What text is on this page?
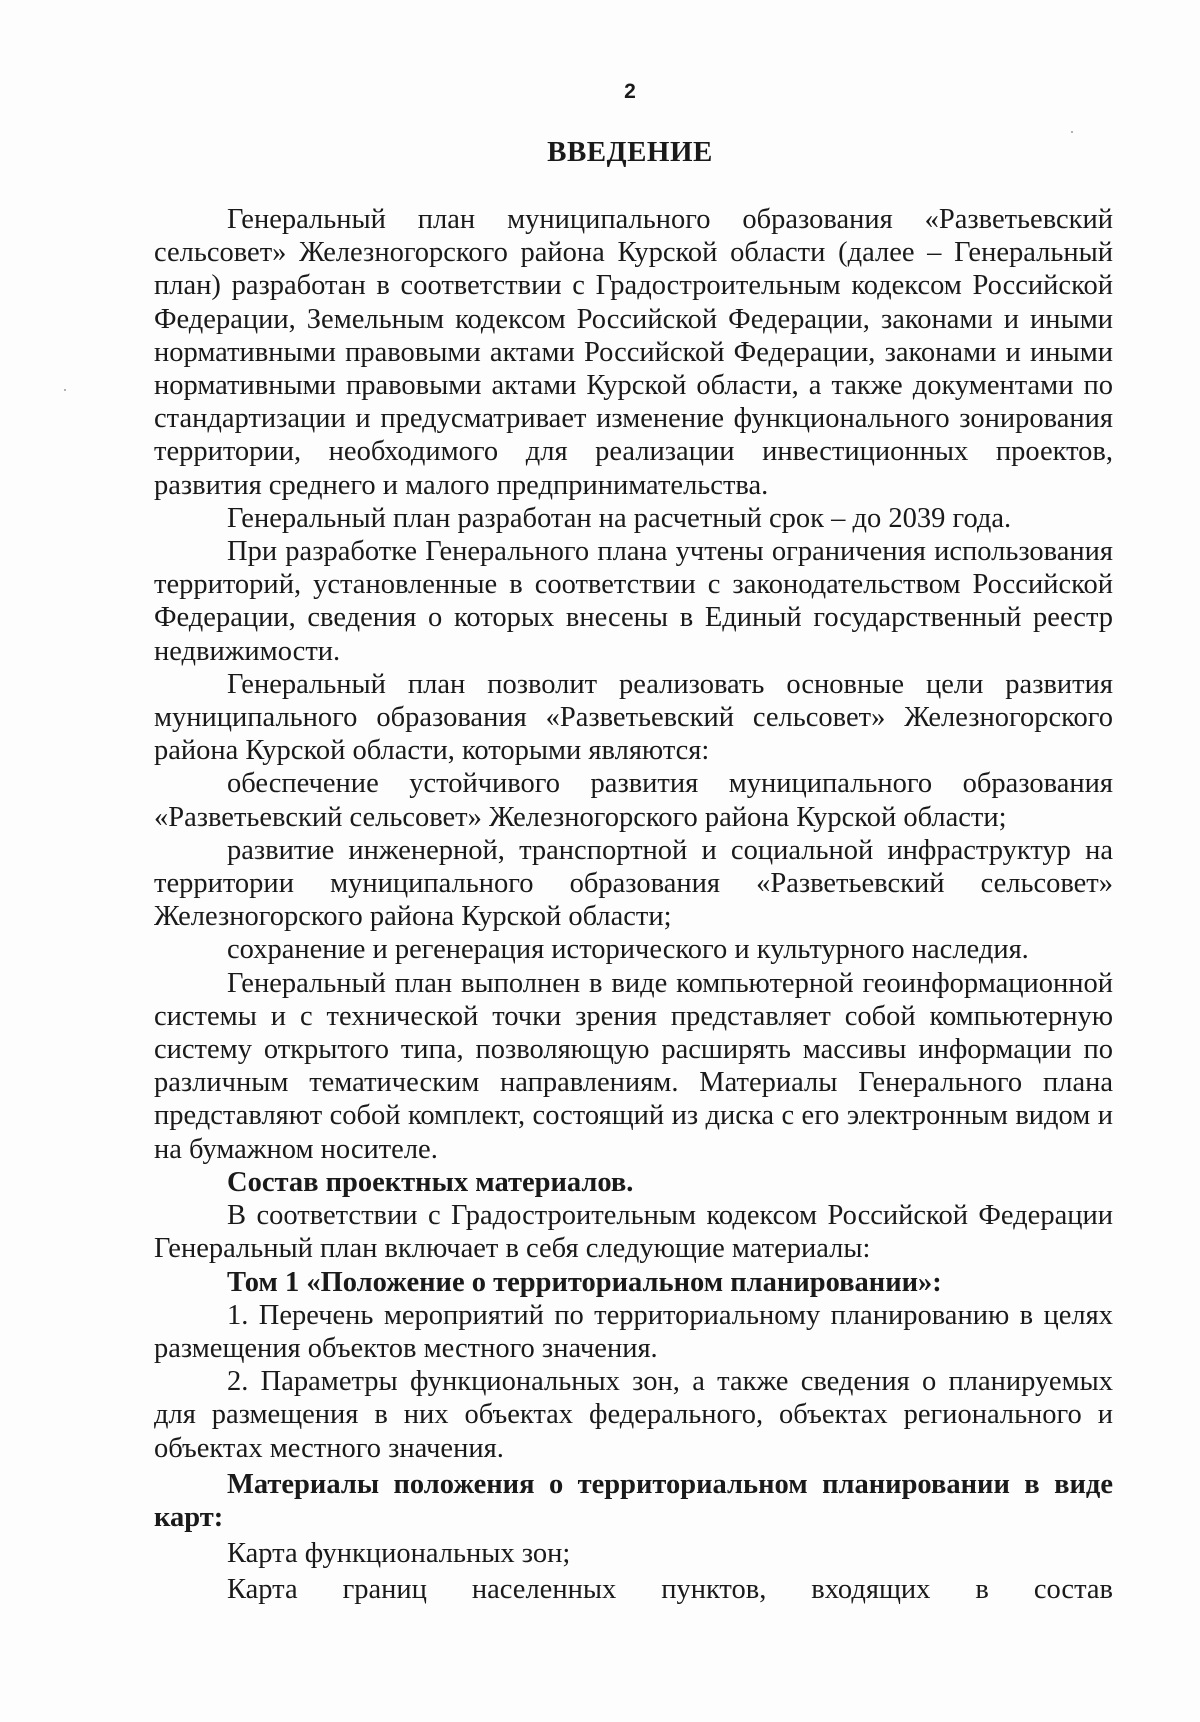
2
ВВЕДЕНИЕ

Генеральный план муниципального образования «Разветьевский сельсовет» Железногорского района Курской области (далее – Генеральный план) разработан в соответствии с Градостроительным кодексом Российской Федерации, Земельным кодексом Российской Федерации, законами и иными нормативными правовыми актами Российской Федерации, законами и иными нормативными правовыми актами Курской области, а также документами по стандартизации и предусматривает изменение функционального зонирования территории, необходимого для реализации инвестиционных проектов, развития среднего и малого предпринимательства.

Генеральный план разработан на расчетный срок – до 2039 года.

При разработке Генерального плана учтены ограничения использования территорий, установленные в соответствии с законодательством Российской Федерации, сведения о которых внесены в Единый государственный реестр недвижимости.

Генеральный план позволит реализовать основные цели развития муниципального образования «Разветьевский сельсовет» Железногорского района Курской области, которыми являются:

обеспечение устойчивого развития муниципального образования «Разветьевский сельсовет» Железногорского района Курской области;

развитие инженерной, транспортной и социальной инфраструктур на территории муниципального образования «Разветьевский сельсовет» Железногорского района Курской области;

сохранение и регенерация исторического и культурного наследия.

Генеральный план выполнен в виде компьютерной геоинформационной системы и с технической точки зрения представляет собой компьютерную систему открытого типа, позволяющую расширять массивы информации по различным тематическим направлениям. Материалы Генерального плана представляют собой комплект, состоящий из диска с его электронным видом и на бумажном носителе.

Состав проектных материалов.

В соответствии с Градостроительным кодексом Российской Федерации Генеральный план включает в себя следующие материалы:

Том 1 «Положение о территориальном планировании»:

1. Перечень мероприятий по территориальному планированию в целях размещения объектов местного значения.

2. Параметры функциональных зон, а также сведения о планируемых для размещения в них объектах федерального, объектах регионального и объектах местного значения.

Материалы положения о территориальном планировании в виде карт:

Карта функциональных зон;

Карта границ населенных пунктов, входящих в состав
